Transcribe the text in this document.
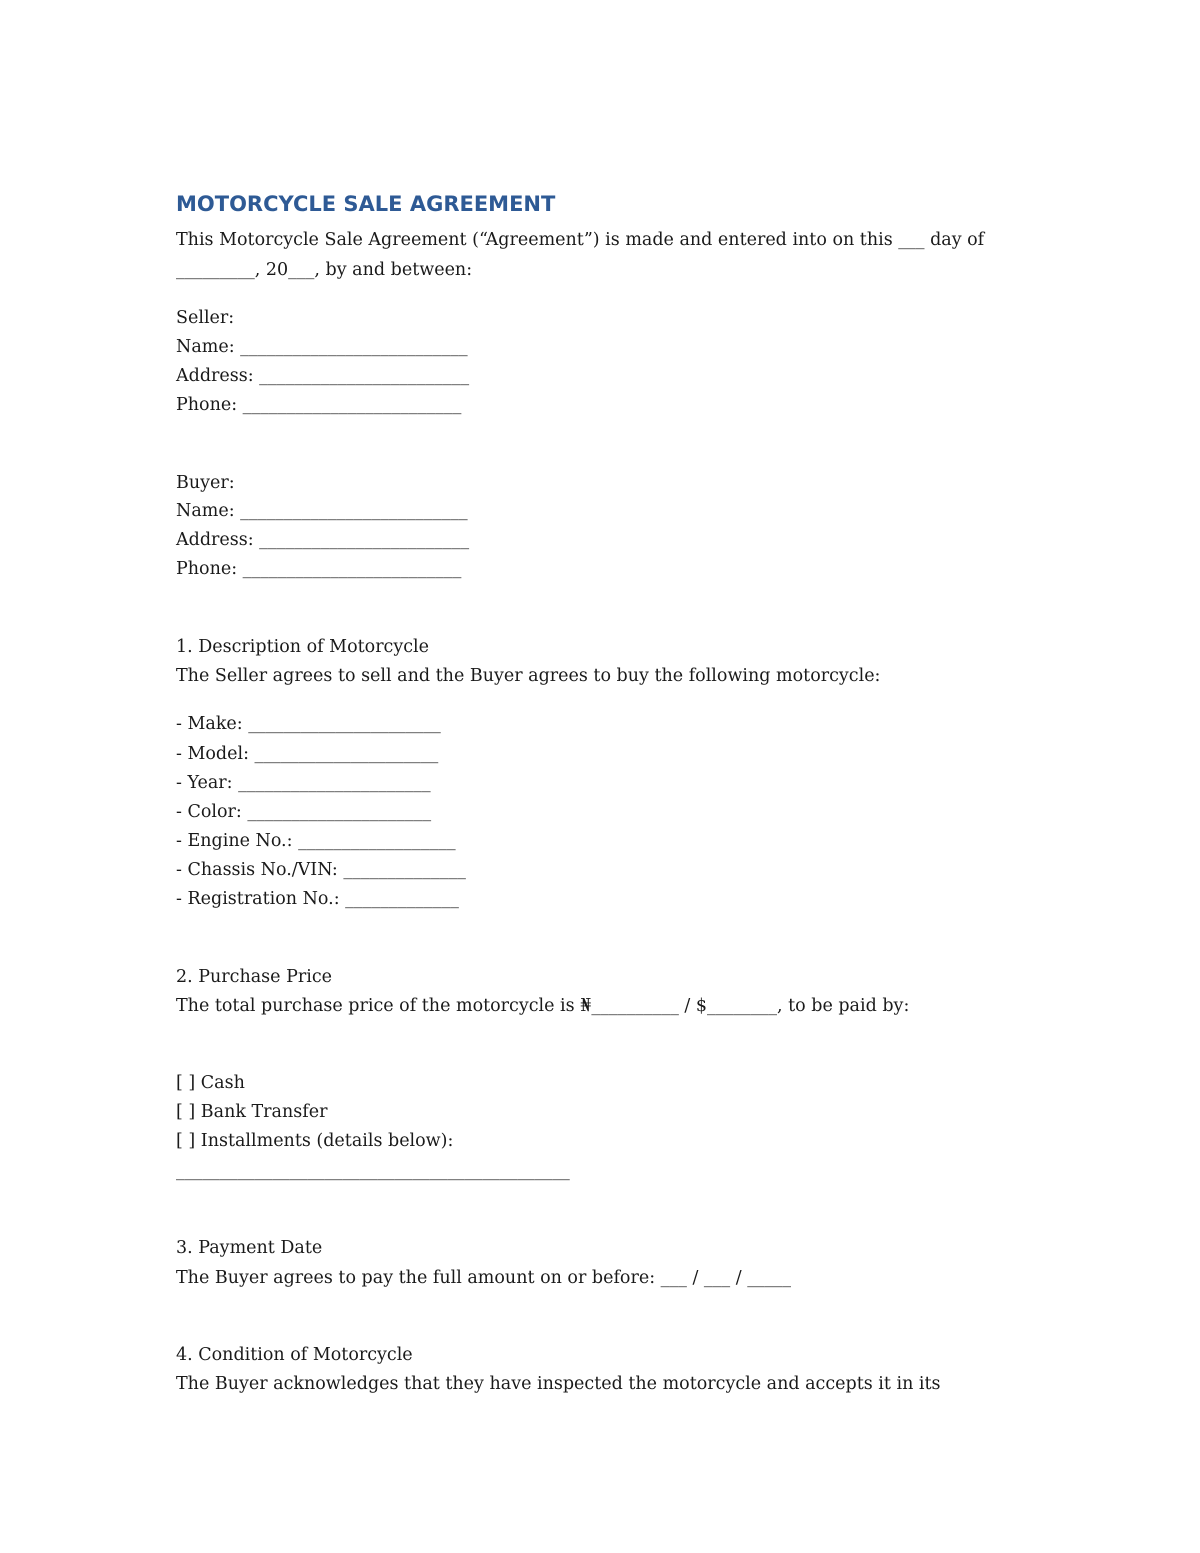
MOTORCYCLE SALE AGREEMENT
This Motorcycle Sale Agreement (“Agreement”) is made and entered into on this ___ day of
_________, 20___, by and between:
Seller:
Name: __________________________
Address: ________________________
Phone: _________________________
Buyer:
Name: __________________________
Address: ________________________
Phone: _________________________
1. Description of Motorcycle
The Seller agrees to sell and the Buyer agrees to buy the following motorcycle:
- Make: ______________________
- Model: _____________________
- Year: ______________________
- Color: _____________________
- Engine No.: __________________
- Chassis No./VIN: ______________
- Registration No.: _____________
2. Purchase Price
The total purchase price of the motorcycle is ₦__________ / $________, to be paid by:
[ ] Cash
[ ] Bank Transfer
[ ] Installments (details below):
_____________________________________________
3. Payment Date
The Buyer agrees to pay the full amount on or before: ___ / ___ / _____
4. Condition of Motorcycle
The Buyer acknowledges that they have inspected the motorcycle and accepts it in its
